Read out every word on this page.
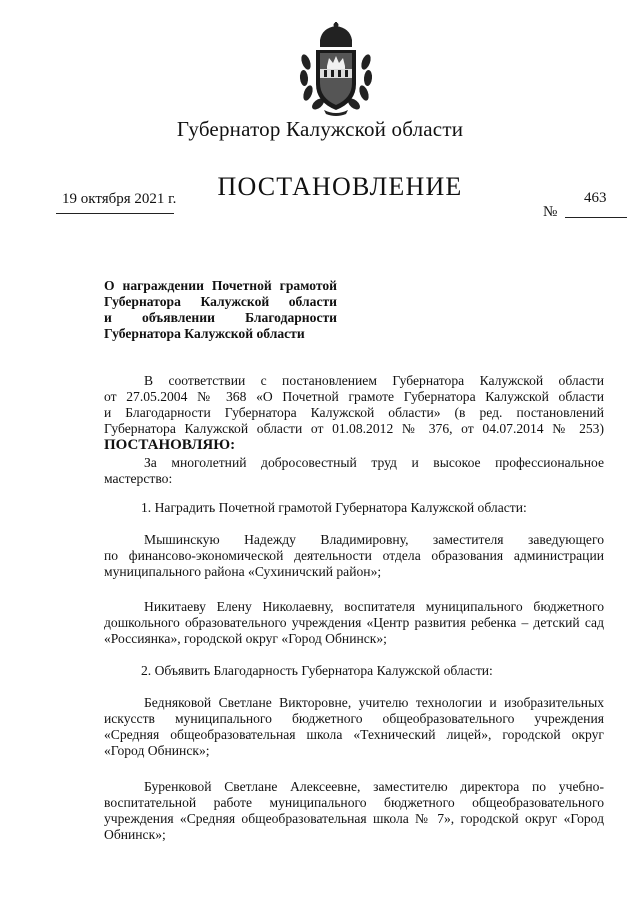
Губернатор Калужской области
19 октября 2021 г.	ПОСТАНОВЛЕНИЕ	463
№
О награждении Почетной грамотой
Губернатора Калужской области
и объявлении Благодарности
Губернатора Калужской области
В соответствии с постановлением Губернатора Калужской области
от 27.05.2004 № 368 «О Почетной грамоте Губернатора Калужской области
и Благодарности Губернатора Калужской области» (в ред. постановлений
Губернатора Калужской области от 01.08.2012 № 376, от 04.07.2014 № 253)
ПОСТАНОВЛЯЮ:
За многолетний добросовестный труд и высокое профессиональное
мастерство:
1. Наградить Почетной грамотой Губернатора Калужской области:
Мышинскую Надежду Владимировну, заместителя заведующего
по финансово-экономической деятельности отдела образования администрации
муниципального района «Сухиничский район»;
Никитаеву Елену Николаевну, воспитателя муниципального бюджетного
дошкольного образовательного учреждения «Центр развития ребенка – детский сад
«Россиянка», городской округ «Город Обнинск»;
2. Объявить Благодарность Губернатора Калужской области:
Бедняковой Светлане Викторовне, учителю технологии и изобразительных
искусств муниципального бюджетного общеобразовательного учреждения
«Средняя общеобразовательная школа «Технический лицей», городской округ
«Город Обнинск»;
Буренковой Светлане Алексеевне, заместителю директора по учебно-
воспитательной работе муниципального бюджетного общеобразовательного
учреждения «Средняя общеобразовательная школа № 7», городской округ «Город
Обнинск»;
